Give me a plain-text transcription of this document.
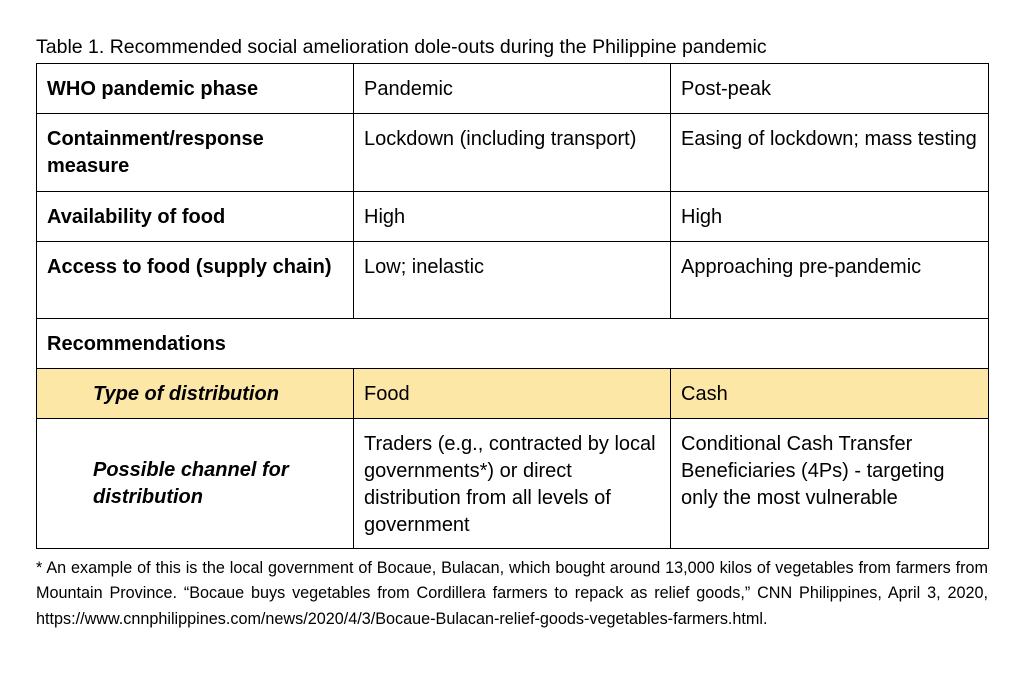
Table 1. Recommended social amelioration dole-outs during the Philippine pandemic
WHO pandemic phase	Pandemic	Post-peak
Containment/response measure	Lockdown (including transport)	Easing of lockdown; mass testing
Availability of food	High	High
Access to food (supply chain)	Low; inelastic	Approaching pre-pandemic
Recommendations		
Type of distribution	Food	Cash
Possible channel for distribution	Traders (e.g., contracted by local governments*) or direct distribution from all levels of government	Conditional Cash Transfer Beneficiaries (4Ps) - targeting only the most vulnerable
* An example of this is the local government of Bocaue, Bulacan, which bought around 13,000 kilos of vegetables from farmers from Mountain Province. “Bocaue buys vegetables from Cordillera farmers to repack as relief goods,” CNN Philippines, April 3, 2020, https://www.cnnphilippines.com/news/2020/4/3/Bocaue-Bulacan-relief-goods-vegetables-farmers.html.
